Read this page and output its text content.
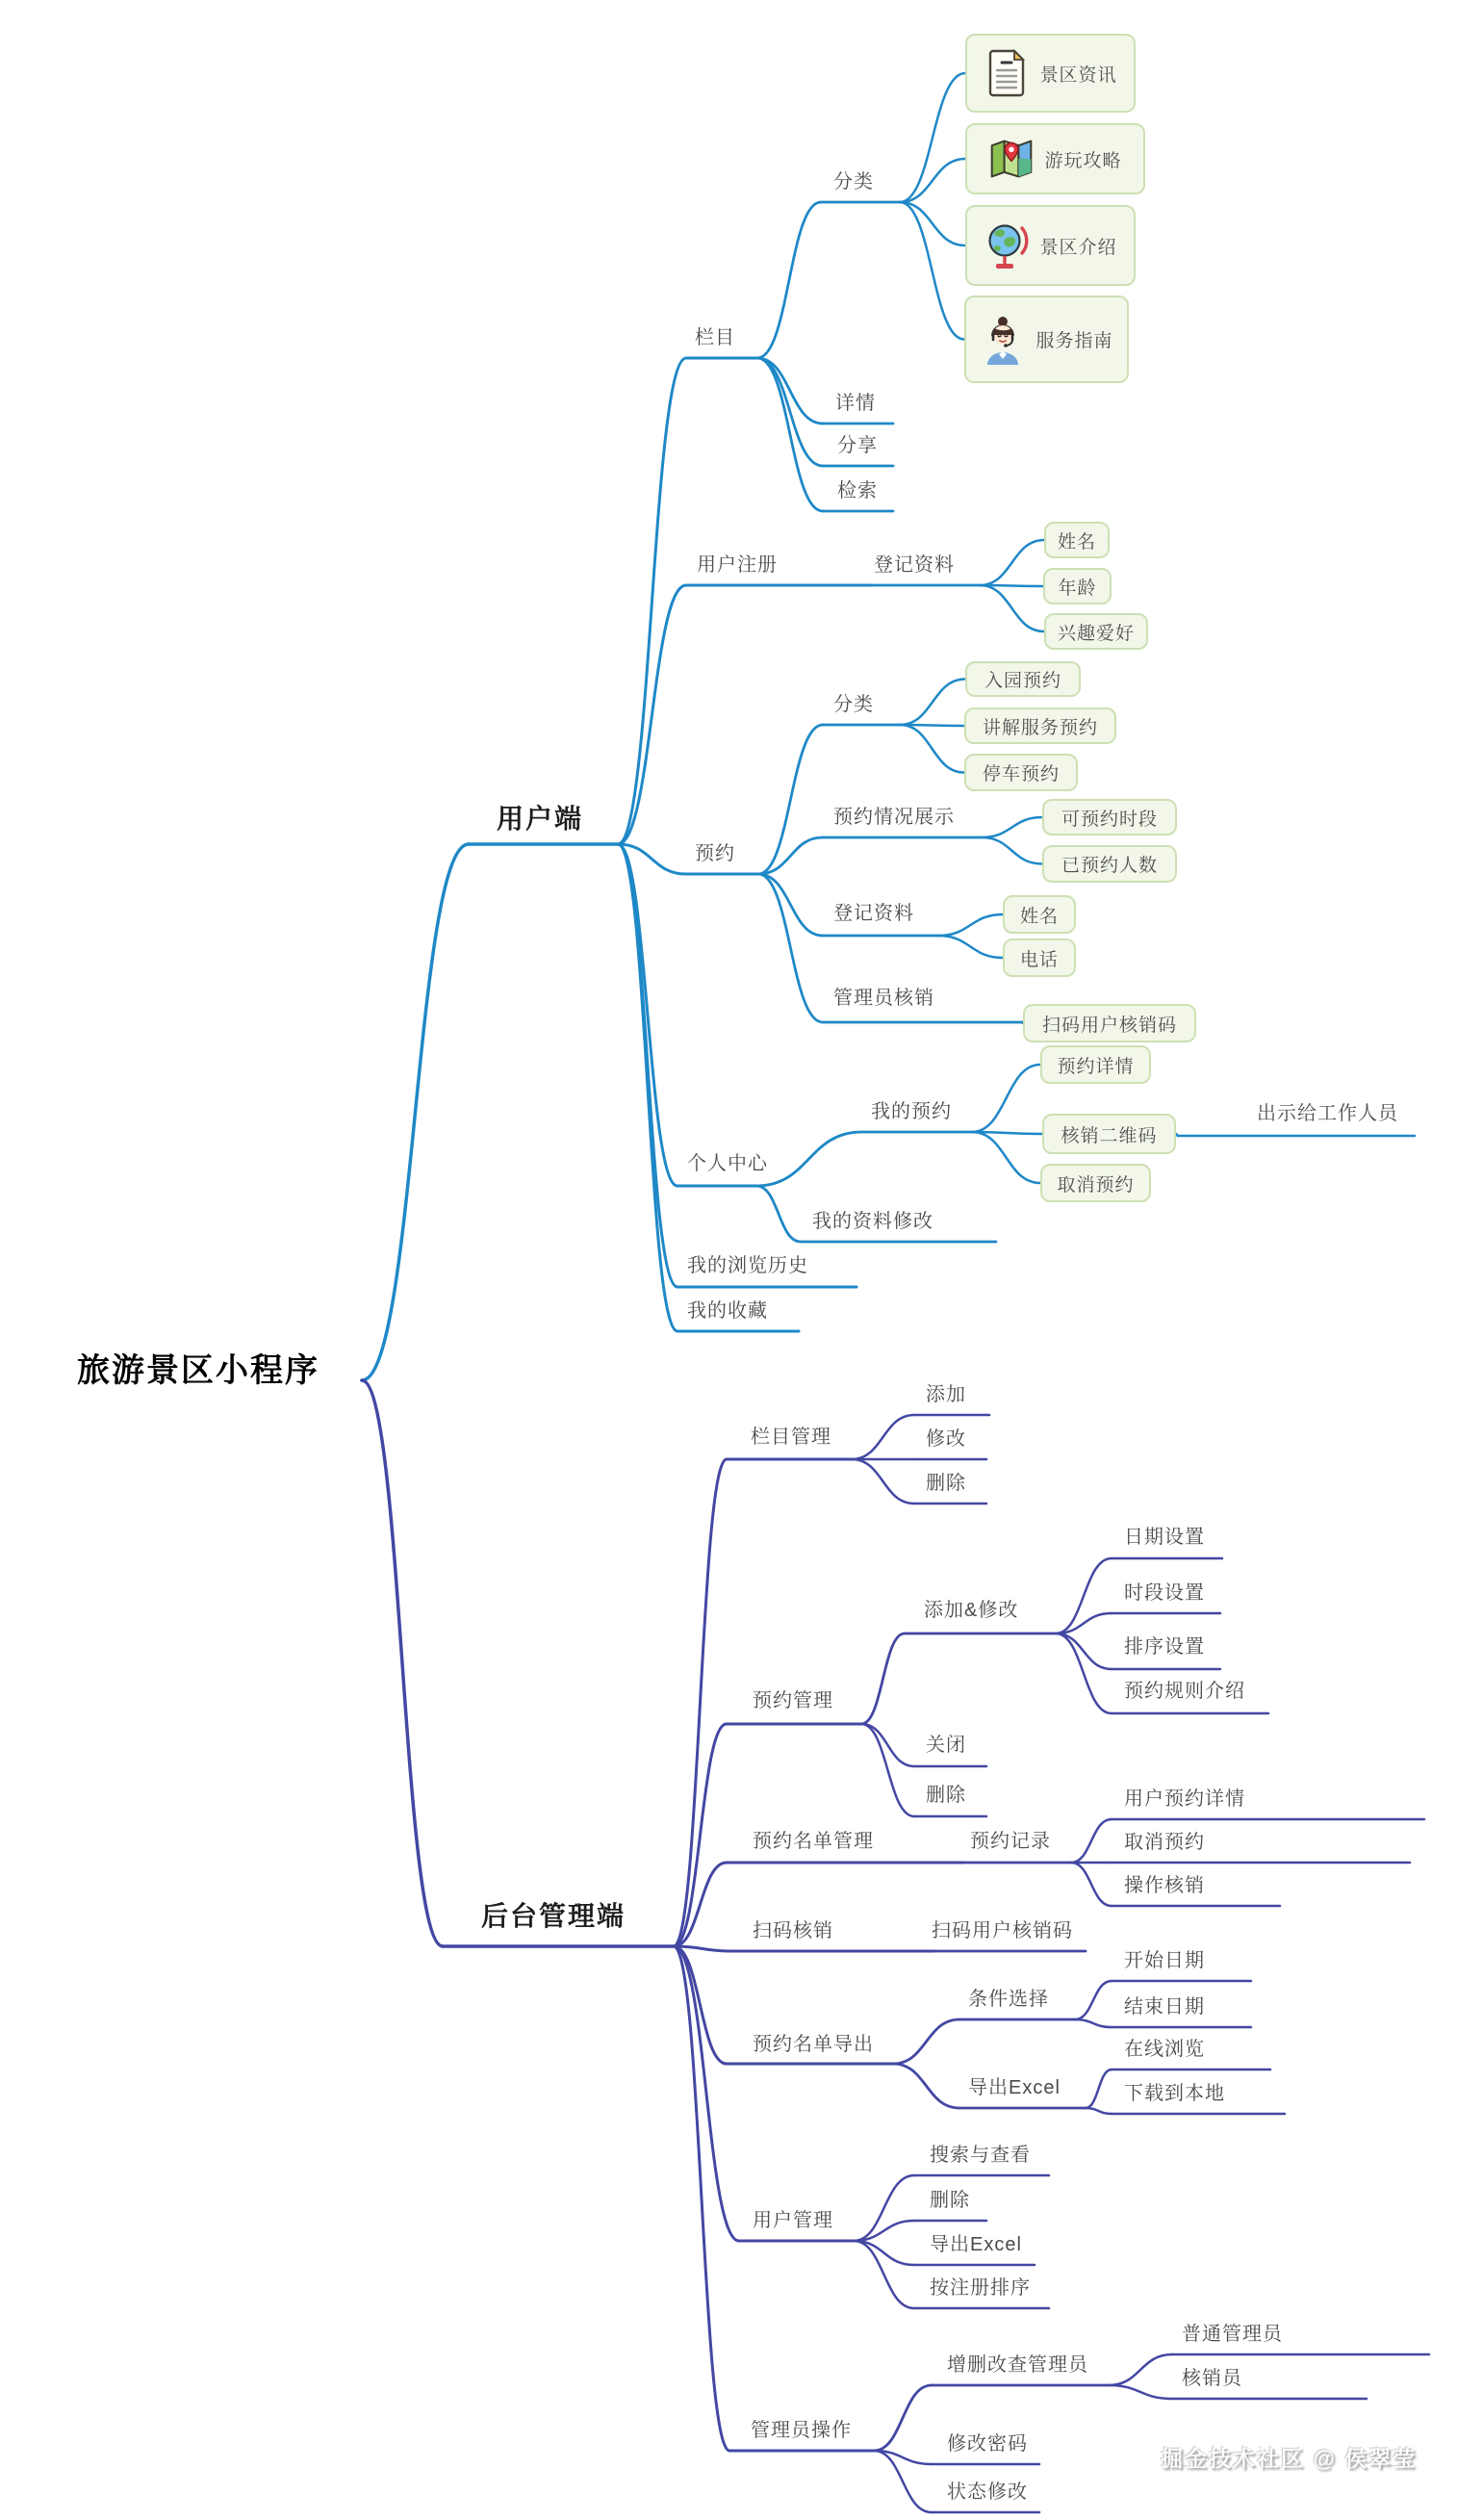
旅游景区小程序
用户端
栏目
分类
景区资讯
游玩攻略
景区介绍
服务指南
详情
分享
检索
用户注册	登记资料
姓名
年龄
兴趣爱好
预约
分类
入园预约
讲解服务预约
停车预约
预约情况展示	可预约时段
已预约人数
登记资料	姓名
电话
管理员核销
扫码用户核销码
个人中心
我的预约
预约详情
核销二维码
出示给工作人员
取消预约
我的资料修改
我的浏览历史
我的收藏
后台管理端
栏目管理
添加
修改
删除
预约管理
添加&修改
日期设置
时段设置
排序设置
预约规则介绍
关闭
删除
预约名单管理	预约记录
用户预约详情
取消预约
操作核销
扫码核销	扫码用户核销码
预约名单导出
条件选择
开始日期
结束日期
导出Excel
在线浏览
下载到本地
用户管理
搜索与查看
删除
导出Excel
按注册排序
管理员操作
增删改查管理员
普通管理员
核销员
修改密码
状态修改
掘金技术社区 @ 侯翠莹
